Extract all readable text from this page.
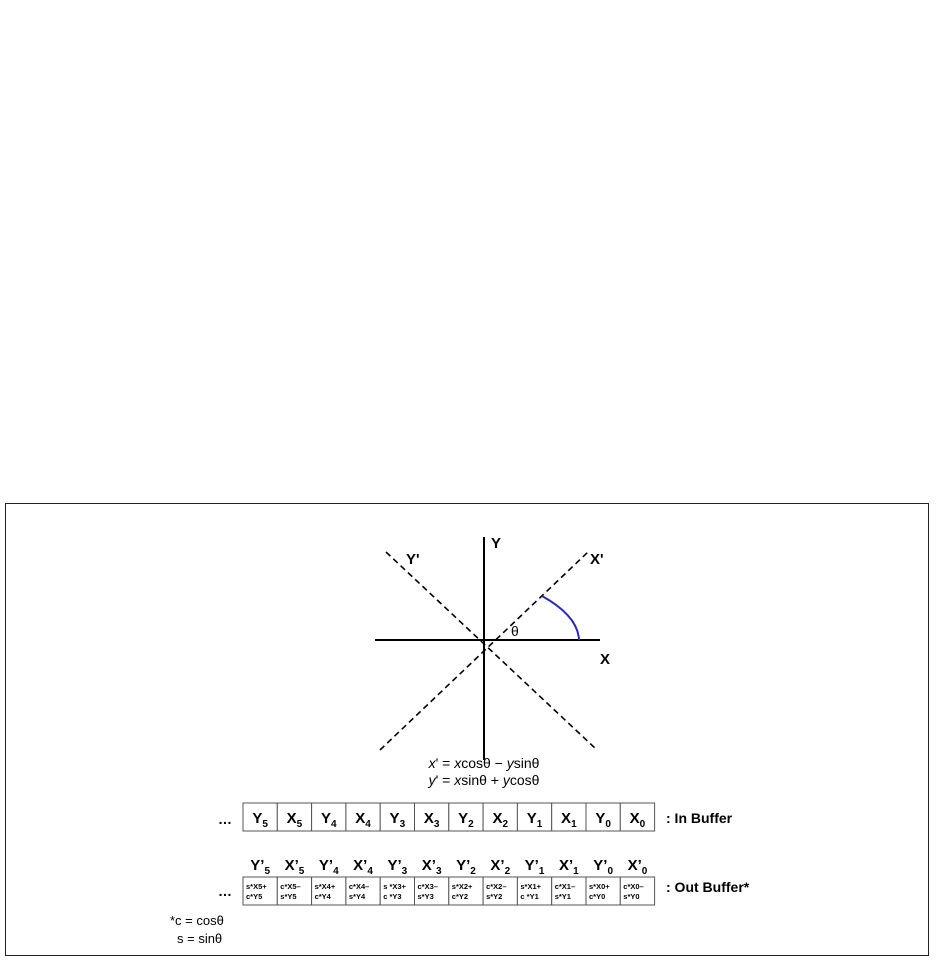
Y
Y'	X'
X
θ
x' = xcosθ − ysinθ
y' = xsinθ + ycosθ
… $Y_5$ $X_5$ $Y_4$ $X_4$ $Y_3$ $X_3$ $Y_2$ $X_2$ $Y_1$ $X_1$ $Y_0$ $X_0$ : In Buffer
$Y’_5$ $X’_5$ $Y’_4$ $X’_4$ $Y’_3$ $X’_3$ $Y’_2$ $X’_2$ $Y’_1$ $X’_1$ $Y’_0$ $X’_0$
… s*X5+
c*Y5
c*X5–
s*Y5
s*X4+
c*Y4
c*X4–
s*Y4
s *X3+
c *Y3
c*X3–
s*Y3
s*X2+
c*Y2
c*X2–
s*Y2
s*X1+
c *Y1
c*X1–
s*Y1
s*X0+
c*Y0
c*X0–
s*Y0
: Out Buffer*
*c = cosθ
s = sinθ
